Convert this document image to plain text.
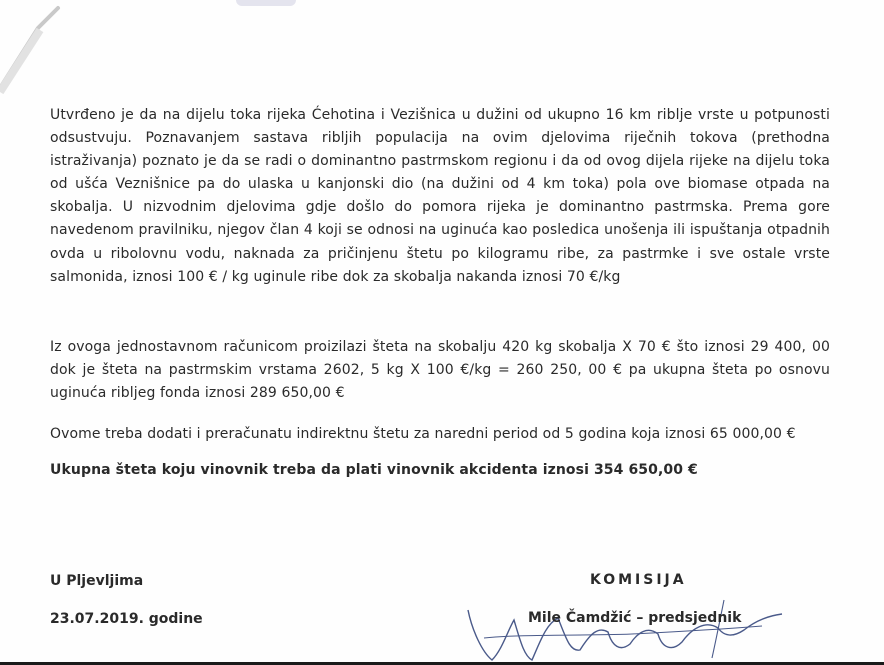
Utvrđeno je da na dijelu toka rijeka Ćehotina i Vezišnica u dužini od ukupno 16 km riblje vrste u potpunosti odsustvuju. Poznavanjem sastava ribljih populacija na ovim djelovima riječnih tokova (prethodna istraživanja) poznato je da se radi o dominantno pastrmskom regionu i da od ovog dijela rijeke na dijelu toka od ušća Veznišnice pa do ulaska u kanjonski dio (na dužini od 4 km toka) pola ove biomase otpada na skobalja. U nizvodnim djelovima gdje došlo do pomora rijeka je dominantno pastrmska. Prema gore navedenom pravilniku, njegov član 4 koji se odnosi na uginuća kao posledica unošenja ili ispuštanja otpadnih ovda u ribolovnu vodu, naknada za pričinjenu štetu po kilogramu ribe, za pastrmke i sve ostale vrste salmonida, iznosi 100 € / kg uginule ribe dok za skobalja nakanda iznosi 70 €/kg

Iz ovoga jednostavnom računicom proizilazi šteta na skobalju 420 kg skobalja X 70 € što iznosi 29 400, 00 dok je šteta na pastrmskim vrstama 2602, 5 kg X 100 €/kg = 260 250, 00 € pa ukupna šteta po osnovu uginuća ribljeg fonda iznosi 289 650,00 €

Ovome treba dodati i preračunatu indirektnu štetu za naredni period od 5 godina koja iznosi 65 000,00 €

Ukupna šteta koju vinovnik treba da plati vinovnik akcidenta iznosi 354 650,00 €

U Pljevljima

23.07.2019. godine

KOMISIJA

Mile Čamdžić – predsjednik
